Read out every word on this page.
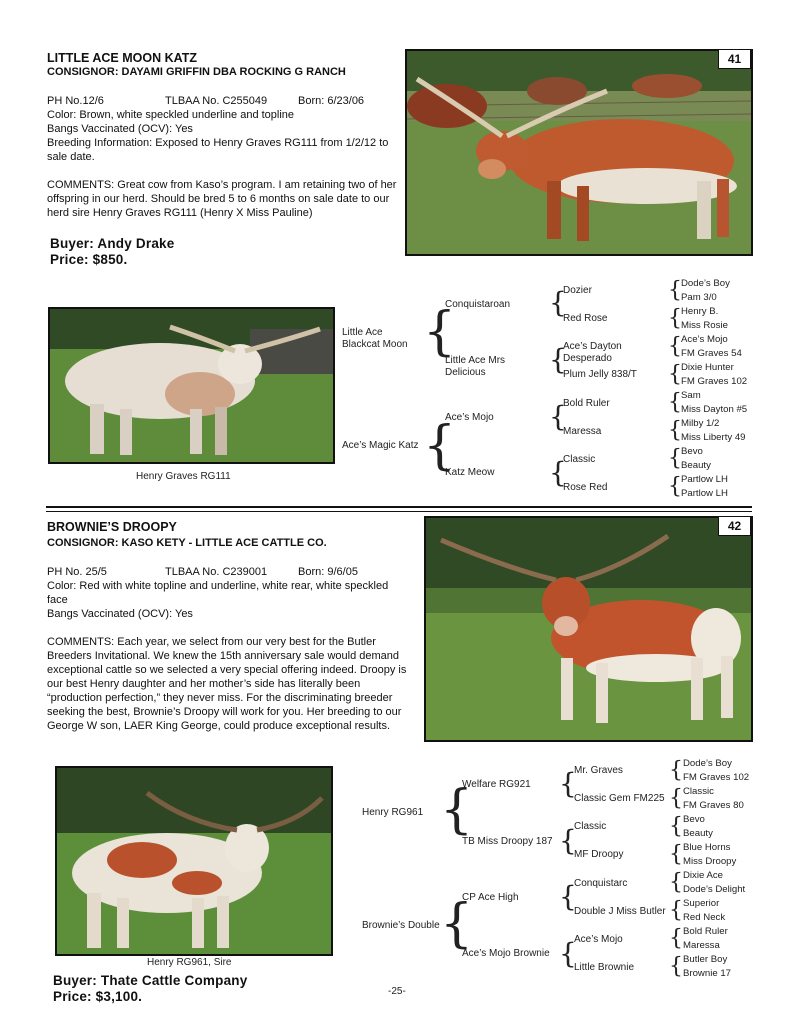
LITTLE ACE MOON KATZ
CONSIGNOR: DAYAMI GRIFFIN DBA ROCKING G RANCH
PH No.12/6	TLBAA No. C255049	Born: 6/23/06
Color: Brown, white speckled underline and topline
Bangs Vaccinated (OCV): Yes
Breeding Information: Exposed to Henry Graves RG111 from 1/2/12 to sale date.
COMMENTS: Great cow from Kaso’s program. I am retaining two of her offspring in our herd. Should be bred 5 to 6 months on sale date to our herd sire Henry Graves RG111 (Henry X Miss Pauline)
Buyer: Andy Drake
Price: $850.
41
Henry Graves RG111
Little Ace Blackcat Moon
Ace’s Magic Katz
{
{
Conquistaroan
Little Ace Mrs Delicious
Ace’s Mojo
Katz Meow
{
{
{
{
Dozier
Red Rose
Ace’s Dayton Desperado
Plum Jelly 838/T
Bold Ruler
Maressa
Classic
Rose Red
{
{
{
{
{
{
{
{
Dode’s Boy
Pam 3/0
Henry B.
Miss Rosie
Ace’s Mojo
FM Graves 54
Dixie Hunter
FM Graves 102
Sam
Miss Dayton #5
Milby 1/2
Miss Liberty 49
Bevo
Beauty
Partlow LH
Partlow LH
BROWNIE’S DROOPY
CONSIGNOR: KASO KETY - LITTLE ACE CATTLE CO.
PH No. 25/5	TLBAA No. C239001	Born: 9/6/05
Color: Red with white topline and underline, white rear, white speckled face
Bangs Vaccinated (OCV): Yes
COMMENTS: Each year, we select from our very best for the Butler Breeders Invitational. We knew the 15th anniversary sale would demand exceptional cattle so we selected a very special offering indeed. Droopy is our best Henry daughter and her mother’s side has literally been “production perfection,” they never miss. For the discriminating breeder seeking the best, Brownie’s Droopy will work for you. Her breeding to our George W son, LAER King George, could produce exceptional results.
42
Henry RG961, Sire
Buyer: Thate Cattle Company
Price: $3,100.
Henry RG961
Brownie’s Double
{
{
Welfare RG921
TB Miss Droopy 187
CP Ace High
Ace’s Mojo Brownie
{
{
{
{
Mr. Graves
Classic Gem FM225
Classic
MF Droopy
Conquistarc
Double J Miss Butler
Ace’s Mojo
Little Brownie
{
{
{
{
{
{
{
{
Dode’s Boy
FM Graves 102
Classic
FM Graves 80
Bevo
Beauty
Blue Horns
Miss Droopy
Dixie Ace
Dode’s Delight
Superior
Red Neck
Bold Ruler
Maressa
Butler Boy
Brownie 17
-25-
